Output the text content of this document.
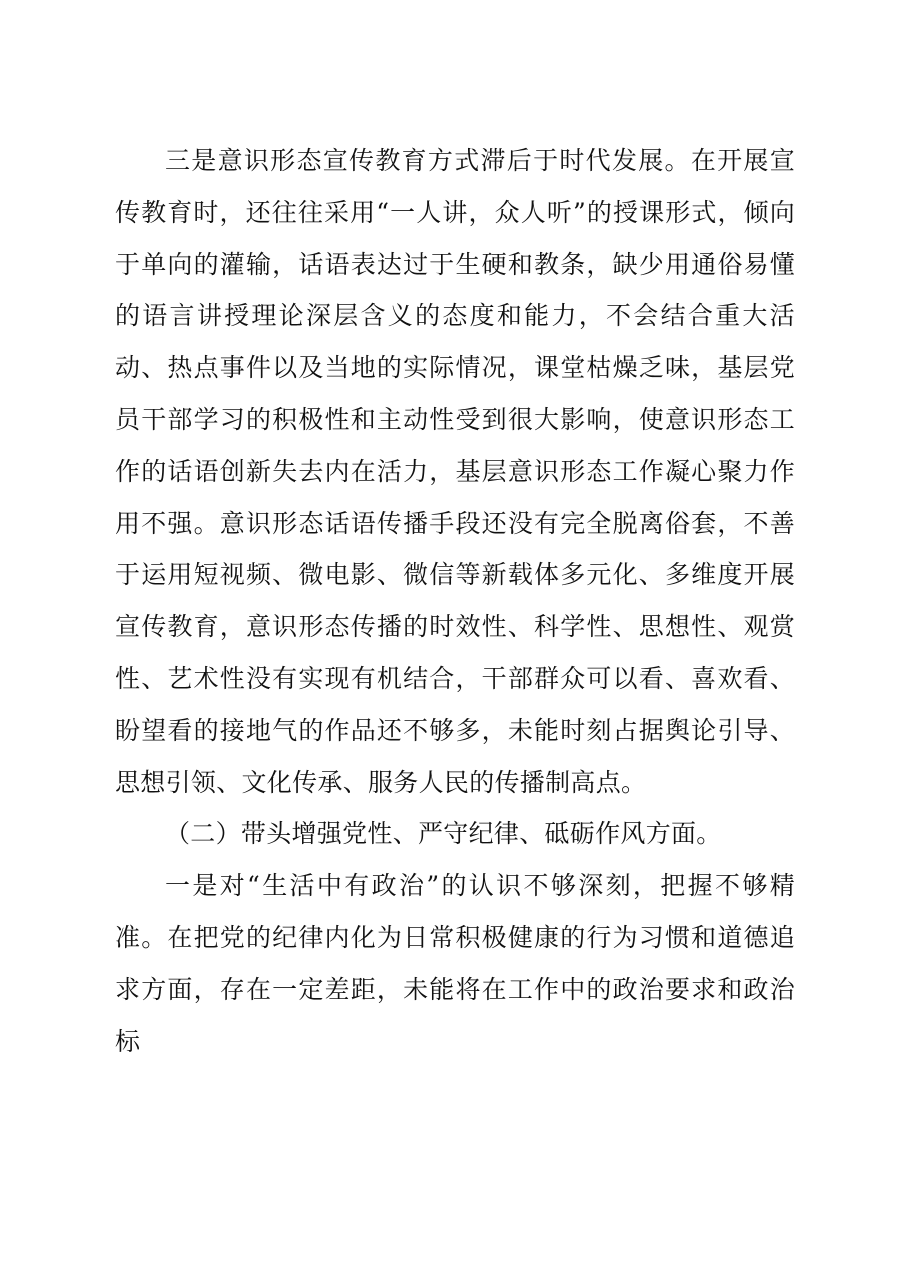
三是意识形态宣传教育方式滞后于时代发展。在开展宣传教育时，还往往采用“一人讲，众人听”的授课形式，倾向于单向的灌输，话语表达过于生硬和教条，缺少用通俗易懂的语言讲授理论深层含义的态度和能力，不会结合重大活动、热点事件以及当地的实际情况，课堂枯燥乏味，基层党员干部学习的积极性和主动性受到很大影响，使意识形态工作的话语创新失去内在活力，基层意识形态工作凝心聚力作用不强。意识形态话语传播手段还没有完全脱离俗套，不善于运用短视频、微电影、微信等新载体多元化、多维度开展宣传教育，意识形态传播的时效性、科学性、思想性、观赏性、艺术性没有实现有机结合，干部群众可以看、喜欢看、盼望看的接地气的作品还不够多，未能时刻占据舆论引导、思想引领、文化传承、服务人民的传播制高点。

（二）带头增强党性、严守纪律、砥砺作风方面。

一是对“生活中有政治”的认识不够深刻，把握不够精准。在把党的纪律内化为日常积极健康的行为习惯和道德追求方面，存在一定差距，未能将在工作中的政治要求和政治标
